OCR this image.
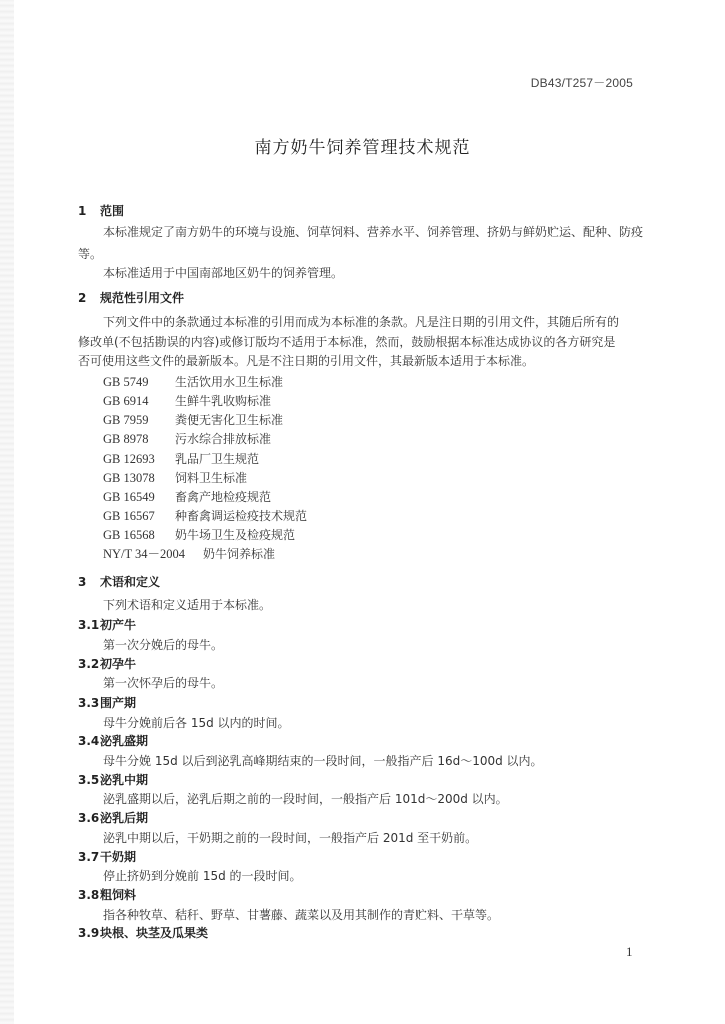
DB43/T257－2005
南方奶牛饲养管理技术规范
1 范围
本标准规定了南方奶牛的环境与设施、饲草饲料、营养水平、饲养管理、挤奶与鲜奶贮运、配种、防疫
等。
本标准适用于中国南部地区奶牛的饲养管理。
2 规范性引用文件
下列文件中的条款通过本标准的引用而成为本标准的条款。凡是注日期的引用文件，其随后所有的
修改单(不包括勘误的内容)或修订版均不适用于本标准，然而，鼓励根据本标准达成协议的各方研究是
否可使用这些文件的最新版本。凡是不注日期的引用文件，其最新版本适用于本标准。
GB 5749 生活饮用水卫生标准
GB 6914 生鲜牛乳收购标准
GB 7959 粪便无害化卫生标准
GB 8978 污水综合排放标准
GB 12693 乳品厂卫生规范
GB 13078 饲料卫生标准
GB 16549 畜禽产地检疫规范
GB 16567 种畜禽调运检疫技术规范
GB 16568 奶牛场卫生及检疫规范
NY/T 34－2004 奶牛饲养标准
3 术语和定义
下列术语和定义适用于本标准。
3.1初产牛
第一次分娩后的母牛。
3.2初孕牛
第一次怀孕后的母牛。
3.3围产期
母牛分娩前后各 15d 以内的时间。
3.4泌乳盛期
母牛分娩 15d 以后到泌乳高峰期结束的一段时间，一般指产后 16d～100d 以内。
3.5泌乳中期
泌乳盛期以后，泌乳后期之前的一段时间，一般指产后 101d～200d 以内。
3.6泌乳后期
泌乳中期以后，干奶期之前的一段时间，一般指产后 201d 至干奶前。
3.7干奶期
停止挤奶到分娩前 15d 的一段时间。
3.8粗饲料
指各种牧草、秸秆、野草、甘薯藤、蔬菜以及用其制作的青贮料、干草等。
3.9块根、块茎及瓜果类
1
